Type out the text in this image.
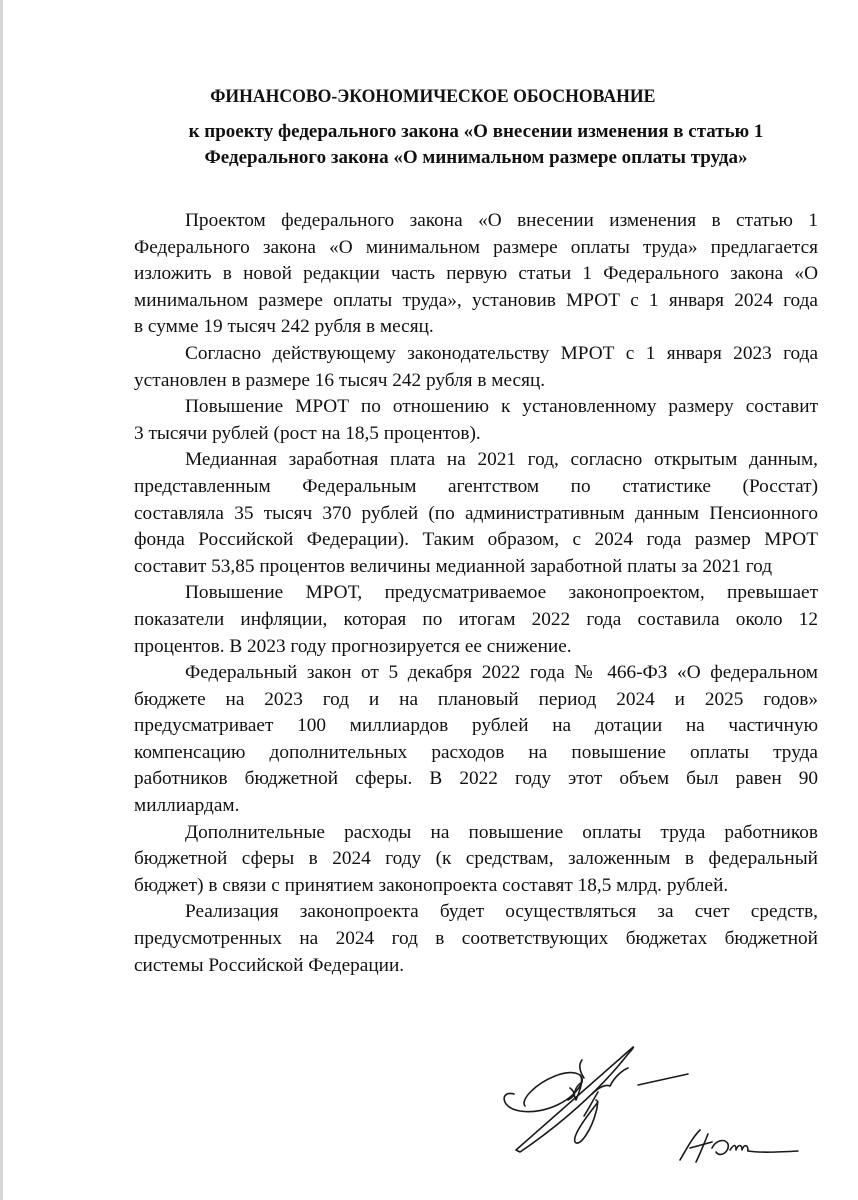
ФИНАНСОВО-ЭКОНОМИЧЕСКОЕ ОБОСНОВАНИЕ
к проекту федерального закона «О внесении изменения в статью 1
Федерального закона «О минимальном размере оплаты труда»

Проектом федерального закона «О внесении изменения в статью 1
Федерального закона «О минимальном размере оплаты труда» предлагается
изложить в новой редакции часть первую статьи 1 Федерального закона «О
минимальном размере оплаты труда», установив МРОТ с 1 января 2024 года
в сумме 19 тысяч 242 рубля в месяц.

Согласно действующему законодательству МРОТ с 1 января 2023 года
установлен в размере 16 тысяч 242 рубля в месяц.

Повышение МРОТ по отношению к установленному размеру составит
3 тысячи рублей (рост на 18,5 процентов).

Медианная заработная плата на 2021 год, согласно открытым данным,
представленным Федеральным агентством по статистике (Росстат)
составляла 35 тысяч 370 рублей (по административным данным Пенсионного
фонда Российской Федерации). Таким образом, с 2024 года размер МРОТ
составит 53,85 процентов величины медианной заработной платы за 2021 год

Повышение МРОТ, предусматриваемое законопроектом, превышает
показатели инфляции, которая по итогам 2022 года составила около 12
процентов. В 2023 году прогнозируется ее снижение.

Федеральный закон от 5 декабря 2022 года № 466-ФЗ «О федеральном
бюджете на 2023 год и на плановый период 2024 и 2025 годов»
предусматривает 100 миллиардов рублей на дотации на частичную
компенсацию дополнительных расходов на повышение оплаты труда
работников бюджетной сферы. В 2022 году этот объем был равен 90
миллиардам.

Дополнительные расходы на повышение оплаты труда работников
бюджетной сферы в 2024 году (к средствам, заложенным в федеральный
бюджет) в связи с принятием законопроекта составят 18,5 млрд. рублей.

Реализация законопроекта будет осуществляться за счет средств,
предусмотренных на 2024 год в соответствующих бюджетах бюджетной
системы Российской Федерации.
